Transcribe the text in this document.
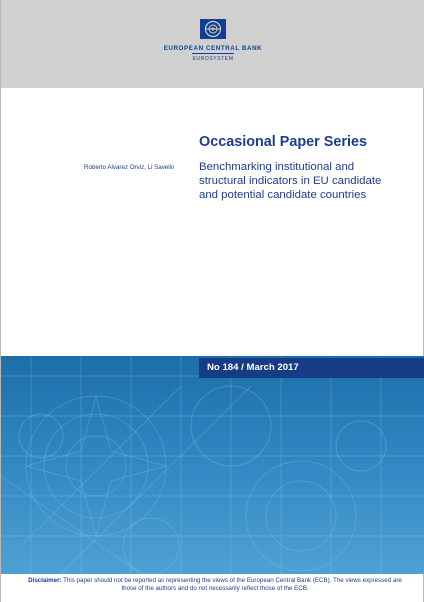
EUROPEAN CENTRAL BANK
EUROSYSTEM
Occasional Paper Series
Roberto Alvarez Orviz, Li Savelin	Benchmarking institutional and
structural indicators in EU candidate
and potential candidate countries
No 184 / March 2017
Disclaimer: This paper should not be reported as representing the views of the European Central Bank (ECB). The views expressed are those of the authors and do not necessarily reflect those of the ECB.
